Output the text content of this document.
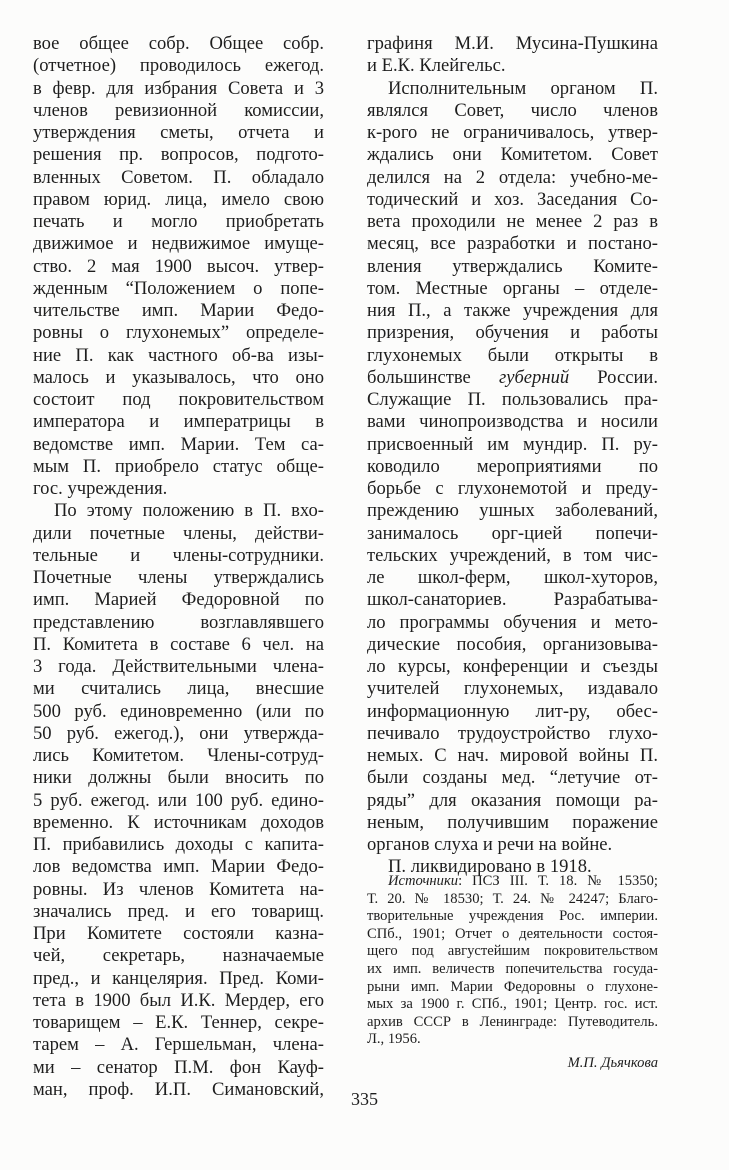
вое общее собр. Общее собр.
(отчетное) проводилось ежегод.
в февр. для избрания Совета и 3
членов ревизионной комиссии,
утверждения сметы, отчета и
решения пр. вопросов, подгото-
вленных Советом. П. обладало
правом юрид. лица, имело свою
печать и могло приобретать
движимое и недвижимое имуще-
ство. 2 мая 1900 высоч. утвер-
жденным “Положением о попе-
чительстве имп. Марии Федо-
ровны о глухонемых” определе-
ние П. как частного об-ва изы-
малось и указывалось, что оно
состоит под покровительством
императора и императрицы в
ведомстве имп. Марии. Тем са-
мым П. приобрело статус обще-
гос. учреждения.
По этому положению в П. вхо-
дили почетные члены, действи-
тельные и члены-сотрудники.
Почетные члены утверждались
имп. Марией Федоровной по
представлению возглавлявшего
П. Комитета в составе 6 чел. на
3 года. Действительными члена-
ми считались лица, внесшие
500 руб. единовременно (или по
50 руб. ежегод.), они утвержда-
лись Комитетом. Члены-сотруд-
ники должны были вносить по
5 руб. ежегод. или 100 руб. едино-
временно. К источникам доходов
П. прибавились доходы с капита-
лов ведомства имп. Марии Федо-
ровны. Из членов Комитета на-
значались пред. и его товарищ.
При Комитете состояли казна-
чей, секретарь, назначаемые
пред., и канцелярия. Пред. Коми-
тета в 1900 был И.К. Мердер, его
товарищем – Е.К. Теннер, секре-
тарем – А. Гершельман, члена-
ми – сенатор П.М. фон Кауф-
ман, проф. И.П. Симановский,
графиня М.И. Мусина-Пушкина
и Е.К. Клейгельс.
Исполнительным органом П.
являлся Совет, число членов
к-рого не ограничивалось, утвер-
ждались они Комитетом. Совет
делился на 2 отдела: учебно-ме-
тодический и хоз. Заседания Со-
вета проходили не менее 2 раз в
месяц, все разработки и постано-
вления утверждались Комите-
том. Местные органы – отделе-
ния П., а также учреждения для
призрения, обучения и работы
глухонемых были открыты в
большинстве губерний России.
Служащие П. пользовались пра-
вами чинопроизводства и носили
присвоенный им мундир. П. ру-
ководило мероприятиями по
борьбе с глухонемотой и преду-
преждению ушных заболеваний,
занималось орг-цией попечи-
тельских учреждений, в том чис-
ле школ-ферм, школ-хуторов,
школ-санаториев. Разрабатыва-
ло программы обучения и мето-
дические пособия, организовыва-
ло курсы, конференции и съезды
учителей глухонемых, издавало
информационную лит-ру, обес-
печивало трудоустройство глухо-
немых. С нач. мировой войны П.
были созданы мед. “летучие от-
ряды” для оказания помощи ра-
неным, получившим поражение
органов слуха и речи на войне.
П. ликвидировано в 1918.
Источники: ПСЗ III. Т. 18. № 15350;
Т. 20. № 18530; Т. 24. № 24247; Благо-
творительные учреждения Рос. империи.
СПб., 1901; Отчет о деятельности состоя-
щего под августейшим покровительством
их имп. величеств попечительства госуда-
рыни имп. Марии Федоровны о глухоне-
мых за 1900 г. СПб., 1901; Центр. гос. ист.
архив СССР в Ленинграде: Путеводитель.
Л., 1956.
М.П. Дьячкова
335
